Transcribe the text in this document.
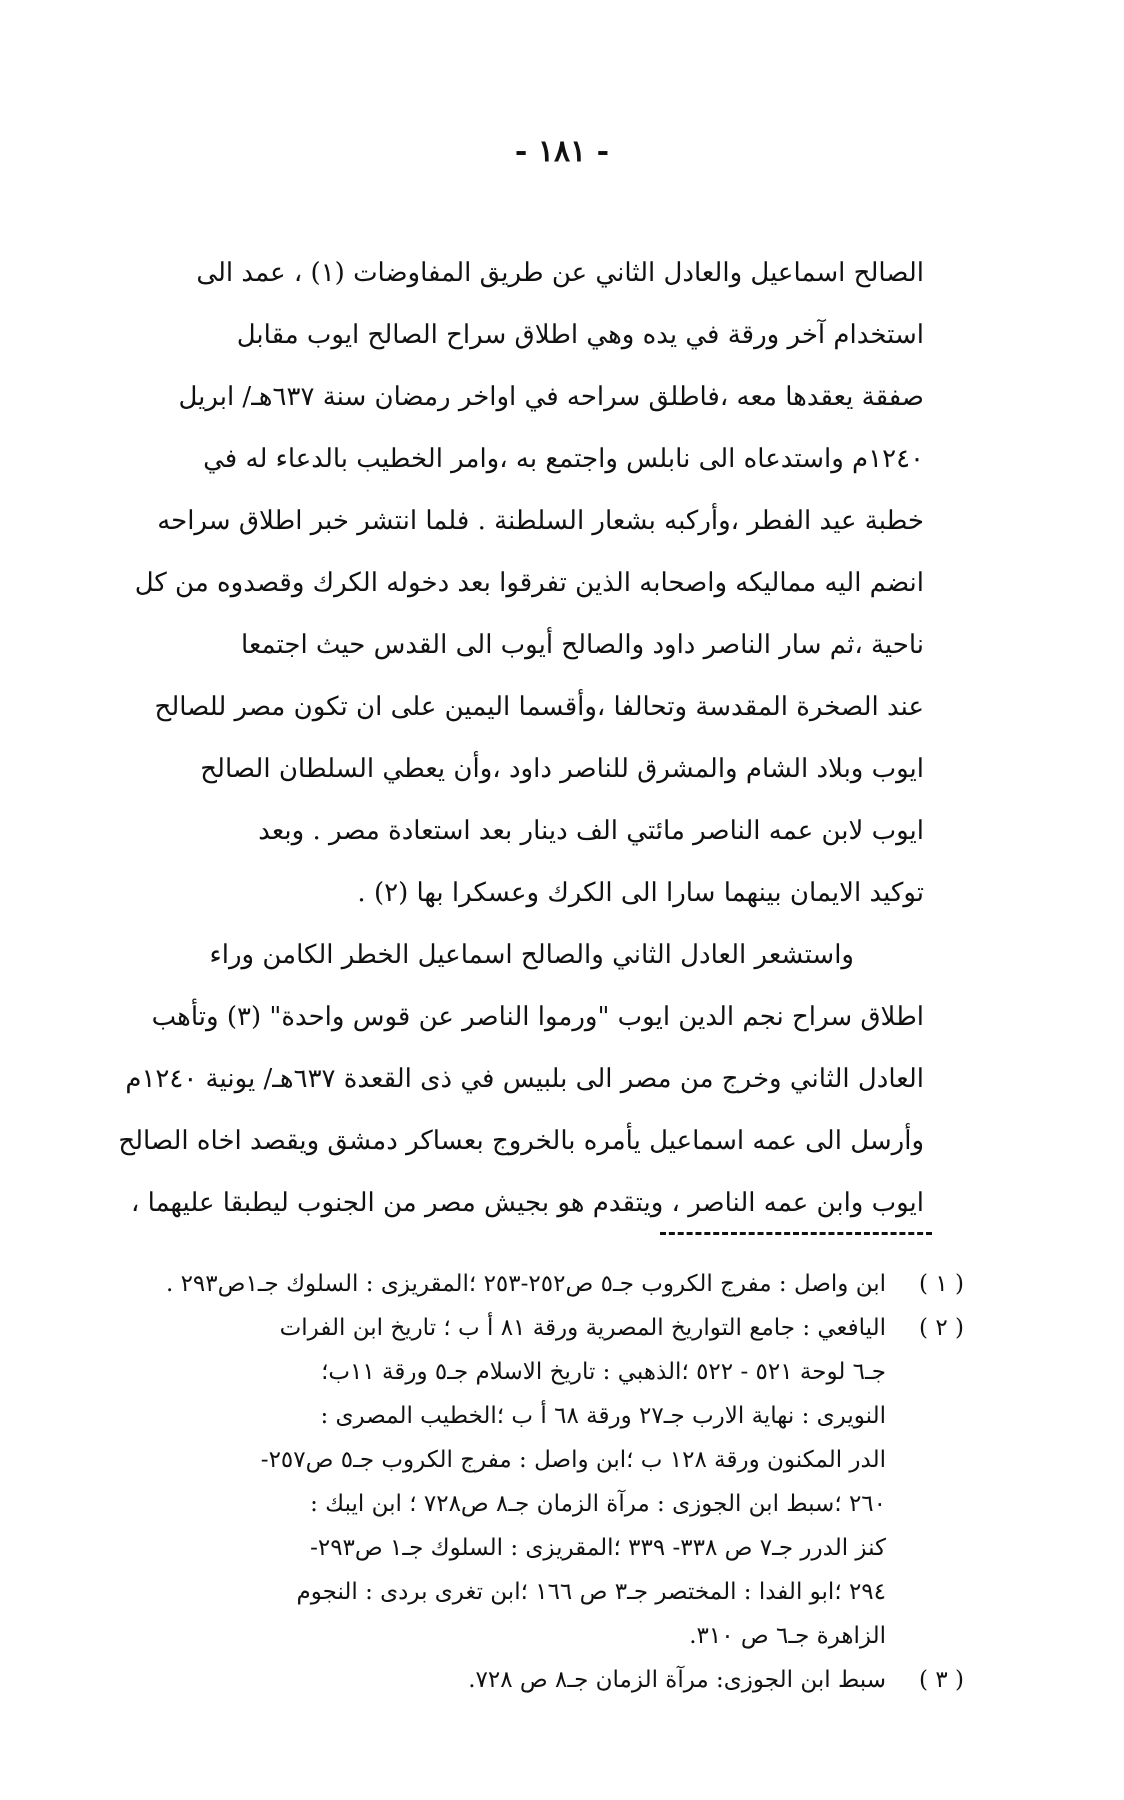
- ١٨١ -
الصالح اسماعيل والعادل الثاني عن طريق المفاوضات (١) ، عمد الى
استخدام آخر ورقة في يده وهي اطلاق سراح الصالح ايوب مقابل
صفقة يعقدها معه ،فاطلق سراحه في اواخر رمضان سنة ٦٣٧هـ/ ابريل
١٢٤٠م واستدعاه الى نابلس واجتمع به ،وامر الخطيب بالدعاء له في
خطبة عيد الفطر ،وأركبه بشعار السلطنة . فلما انتشر خبر اطلاق سراحه
انضم اليه مماليكه واصحابه الذين تفرقوا بعد دخوله الكرك وقصدوه من كل
ناحية ،ثم سار الناصر داود والصالح أيوب الى القدس حيث اجتمعا
عند الصخرة المقدسة وتحالفا ،وأقسما اليمين على ان تكون مصر للصالح
ايوب وبلاد الشام والمشرق للناصر داود ،وأن يعطي السلطان الصالح
ايوب لابن عمه الناصر مائتي الف دينار بعد استعادة مصر . وبعد
توكيد الايمان بينهما سارا الى الكرك وعسكرا بها (٢) .
واستشعر العادل الثاني والصالح اسماعيل الخطر الكامن وراء
اطلاق سراح نجم الدين ايوب "ورموا الناصر عن قوس واحدة" (٣) وتأهب
العادل الثاني وخرج من مصر الى بلبيس في ذى القعدة ٦٣٧هـ/ يونية ١٢٤٠م
وأرسل الى عمه اسماعيل يأمره بالخروج بعساكر دمشق ويقصد اخاه الصالح
ايوب وابن عمه الناصر ، ويتقدم هو بجيش مصر من الجنوب ليطبقا عليهما ،
( ١ )
ابن واصل : مفرج الكروب جـ٥ ص٢٥٢-٢٥٣ ؛المقريزى : السلوك جـ١ص٢٩٣ .
( ٢ )
اليافعي : جامع التواريخ المصرية ورقة ٨١ أ ب ؛ تاريخ ابن الفرات
جـ٦ لوحة ٥٢١ - ٥٢٢ ؛الذهبي : تاريخ الاسلام جـ٥ ورقة ١١ب؛
النويرى : نهاية الارب جـ٢٧ ورقة ٦٨ أ ب ؛الخطيب المصرى :
الدر المكنون ورقة ١٢٨ ب ؛ابن واصل : مفرج الكروب جـ٥ ص٢٥٧-
٢٦٠ ؛سبط ابن الجوزى : مرآة الزمان جـ٨ ص٧٢٨ ؛ ابن ايبك :
كنز الدرر جـ٧ ص ٣٣٨- ٣٣٩ ؛المقريزى : السلوك جـ١ ص٢٩٣-
٢٩٤ ؛ابو الفدا : المختصر جـ٣ ص ١٦٦ ؛ابن تغرى بردى : النجوم
الزاهرة جـ٦ ص ٣١٠.
( ٣ )
سبط ابن الجوزى: مرآة الزمان جـ٨ ص ٧٢٨.
